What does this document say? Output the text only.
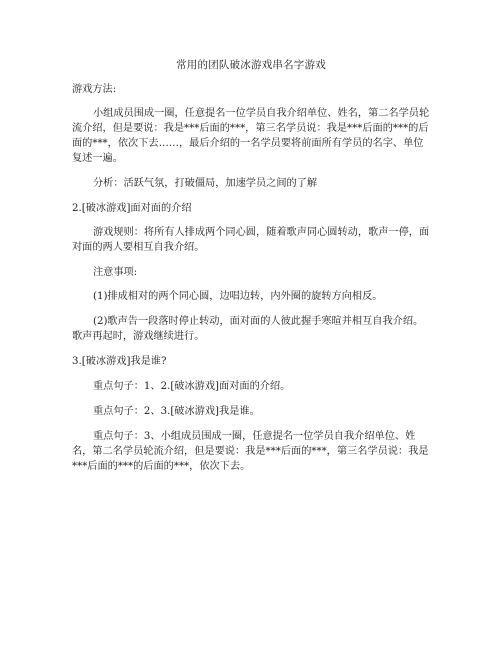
常用的团队破冰游戏串名字游戏
游戏方法:
小组成员围成一圈，任意提名一位学员自我介绍单位、姓名，第二名学员轮流介绍，但是要说：我是***后面的***，第三名学员说：我是***后面的***的后面的***，依次下去……，最后介绍的一名学员要将前面所有学员的名字、单位复述一遍。
分析：活跃气氛，打破僵局，加速学员之间的了解
2.[破冰游戏]面对面的介绍
游戏规则：将所有人排成两个同心圆，随着歌声同心圆转动，歌声一停，面对面的两人要相互自我介绍。
注意事项:
(1)排成相对的两个同心圆，边唱边转，内外圈的旋转方向相反。
(2)歌声告一段落时停止转动，面对面的人彼此握手寒暄并相互自我介绍。歌声再起时，游戏继续进行。
3.[破冰游戏]我是谁?
重点句子：1、2.[破冰游戏]面对面的介绍。
重点句子：2、3.[破冰游戏]我是谁。
重点句子：3、小组成员围成一圈，任意提名一位学员自我介绍单位、姓名，第二名学员轮流介绍，但是要说：我是***后面的***，第三名学员说：我是***后面的***的后面的***，依次下去。
